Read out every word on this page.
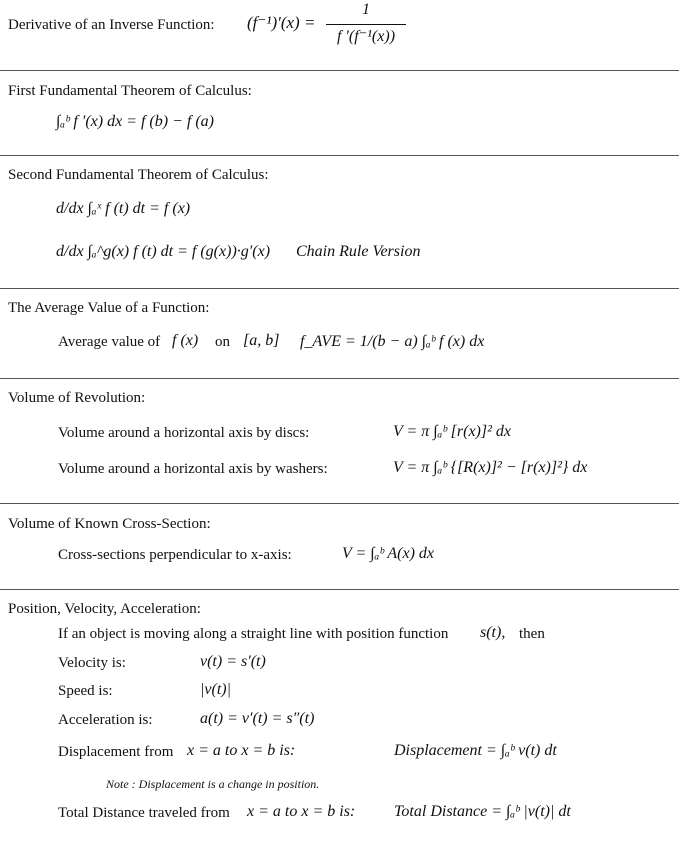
Derivative of an Inverse Function: (f⁻¹)′(x) =
1
f ′(f⁻¹(x))
First Fundamental Theorem of Calculus:
∫ₐᵇ f ′(x) dx = f (b) − f (a)
Second Fundamental Theorem of Calculus:
d/dx ∫ₐˣ f (t) dt = f (x)
d/dx ∫ₐ^g(x) f (t) dt = f (g(x))·g′(x) Chain Rule Version
The Average Value of a Function:
Average value of f (x) on [a, b] f_AVE = 1/(b − a) ∫ₐᵇ f (x) dx
Volume of Revolution:
Volume around a horizontal axis by discs:	V = π ∫ₐᵇ [r(x)]² dx
Volume around a horizontal axis by washers:	V = π ∫ₐᵇ {[R(x)]² − [r(x)]²} dx
Volume of Known Cross-Section:
Cross-sections perpendicular to x-axis:	V = ∫ₐᵇ A(x) dx
Position, Velocity, Acceleration:
If an object is moving along a straight line with position function s(t), then
Velocity is:	v(t) = s′(t)
Speed is:	|v(t)|
Acceleration is:	a(t) = v′(t) = s″(t)
Displacement from x = a to x = b is:	Displacement = ∫ₐᵇ v(t) dt
Note : Displacement is a change in position.
Total Distance traveled from x = a to x = b is: Total Distance = ∫ₐᵇ |v(t)| dt
